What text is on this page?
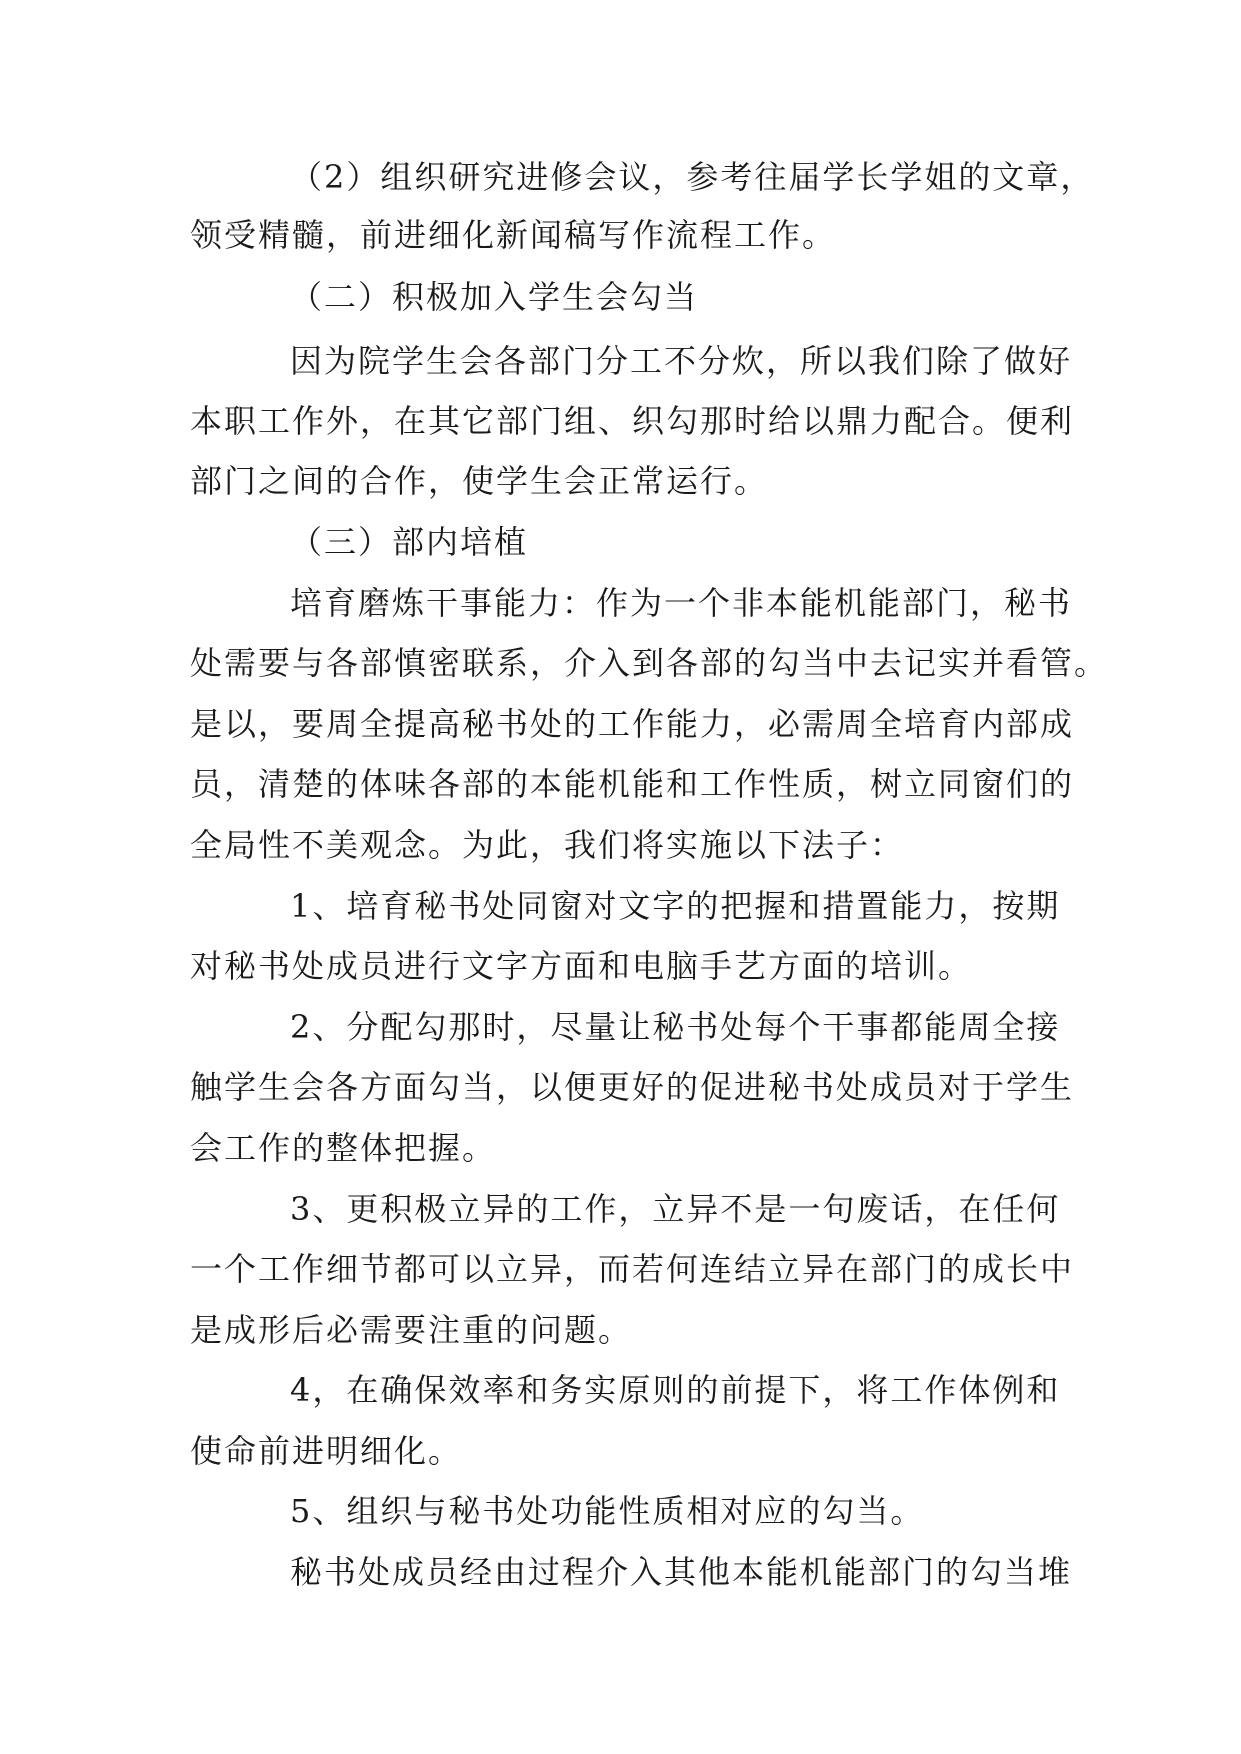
（2）组织研究进修会议，参考往届学长学姐的文章，
领受精髓，前进细化新闻稿写作流程工作。
（二）积极加入学生会勾当
因为院学生会各部门分工不分炊，所以我们除了做好
本职工作外，在其它部门组、织勾那时给以鼎力配合。便利
部门之间的合作，使学生会正常运行。
（三）部内培植
培育磨炼干事能力：作为一个非本能机能部门，秘书
处需要与各部慎密联系，介入到各部的勾当中去记实并看管。
是以，要周全提高秘书处的工作能力，必需周全培育内部成
员，清楚的体味各部的本能机能和工作性质，树立同窗们的
全局性不美观念。为此，我们将实施以下法子：
1、培育秘书处同窗对文字的把握和措置能力，按期
对秘书处成员进行文字方面和电脑手艺方面的培训。
2、分配勾那时，尽量让秘书处每个干事都能周全接
触学生会各方面勾当，以便更好的促进秘书处成员对于学生
会工作的整体把握。
3、更积极立异的工作，立异不是一句废话，在任何
一个工作细节都可以立异，而若何连结立异在部门的成长中
是成形后必需要注重的问题。
4，在确保效率和务实原则的前提下，将工作体例和
使命前进明细化。
5、组织与秘书处功能性质相对应的勾当。
秘书处成员经由过程介入其他本能机能部门的勾当堆
